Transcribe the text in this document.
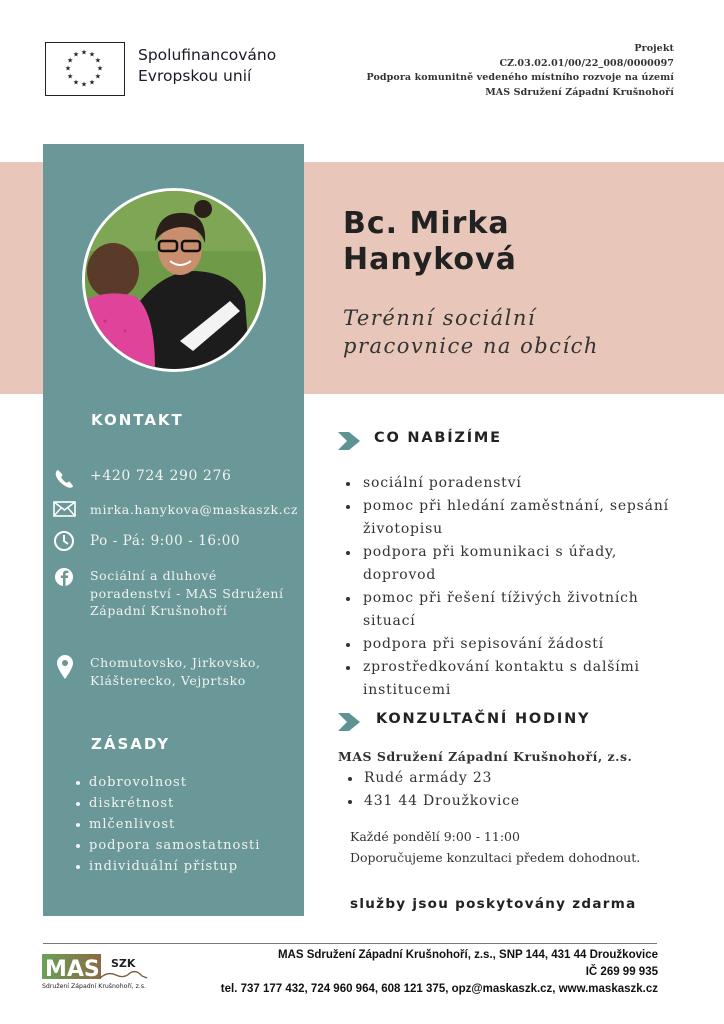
★ ★
★
★
★
★
★
★
★
★
★
★	Spolufinancováno
Evropskou unií
Projekt
CZ.03.02.01/00/22_008/0000097
Podpora komunitně vedeného místního rozvoje na území
MAS Sdružení Západní Krušnohoří
Bc. Mirka
Hanyková
Terénní sociální
pracovnice na obcích
KONTAKT
+420 724 290 276
mirka.hanykova@maskaszk.cz
Po - Pá: 9:00 - 16:00
Sociální a dluhové
poradenství - MAS Sdružení
Západní Krušnohoří
Chomutovsko, Jirkovsko,
Klášterecko, Vejprtsko
ZÁSADY
dobrovolnost
diskrétnost
mlčenlivost
podpora samostatnosti
individuální přístup
CO NABÍZÍME
sociální poradenství
pomoc při hledání zaměstnání, sepsání životopisu
podpora při komunikaci s úřady, doprovod
pomoc při řešení tíživých životních situací
podpora při sepisování žádostí
zprostředkování kontaktu s dalšími institucemi
KONZULTAČNÍ HODINY
MAS Sdružení Západní Krušnohoří, z.s.
Rudé armády 23
431 44 Droužkovice
Každé pondělí 9:00 - 11:00
Doporučujeme konzultaci předem dohodnout.
služby jsou poskytovány zdarma
MAS SZK
Sdružení Západní Krušnohoří, z.s.
MAS Sdružení Západní Krušnohoří, z.s., SNP 144, 431 44 Droužkovice
IČ 269 99 935
tel. 737 177 432, 724 960 964, 608 121 375, opz@maskaszk.cz, www.maskaszk.cz
